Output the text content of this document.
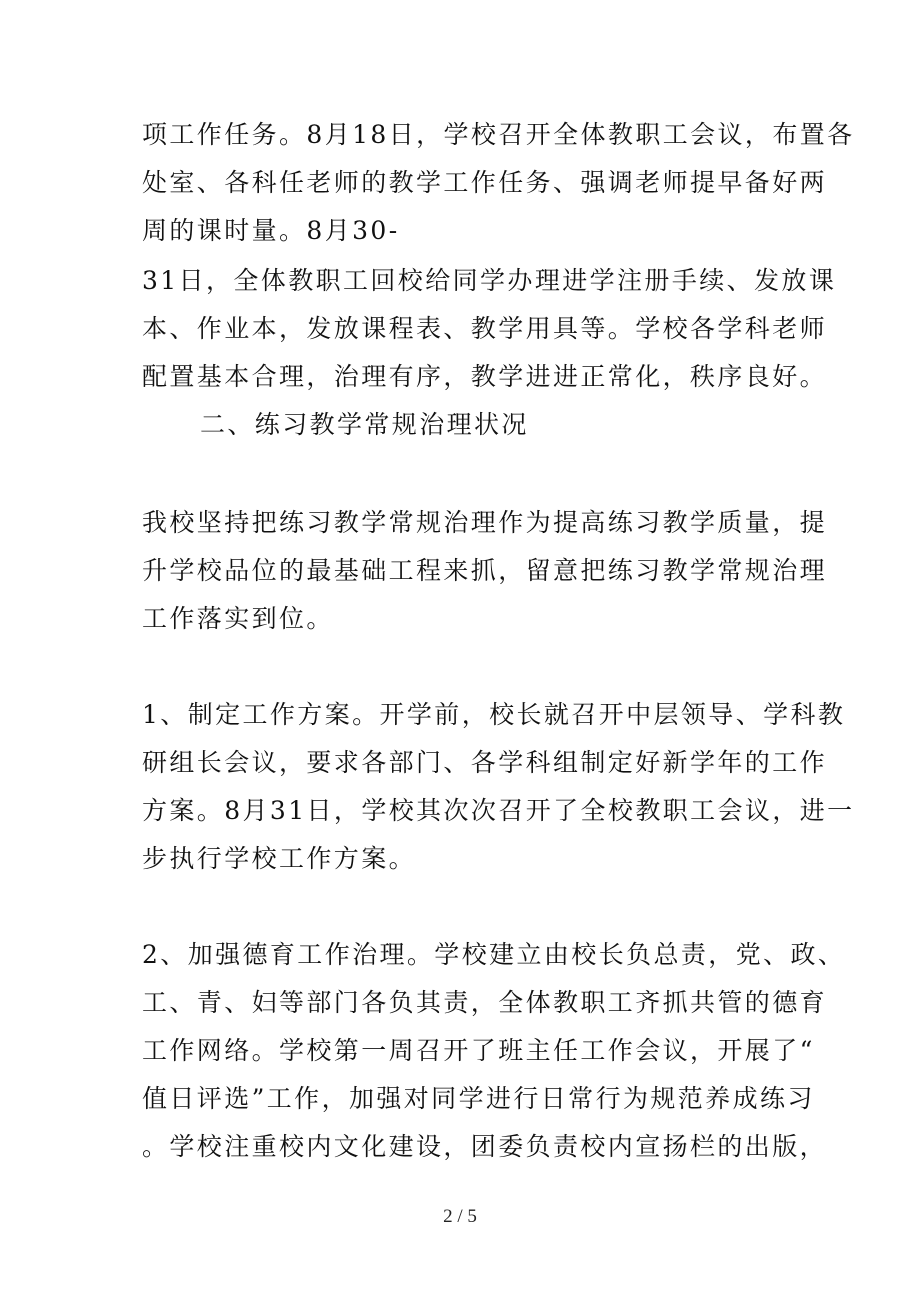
项工作任务。8月18日，学校召开全体教职工会议，布置各
处室、各科任老师的教学工作任务、强调老师提早备好两
周的课时量。8月30-
31日，全体教职工回校给同学办理进学注册手续、发放课
本、作业本，发放课程表、教学用具等。学校各学科老师
配置基本合理，治理有序，教学进进正常化，秩序良好。
二、练习教学常规治理状况
我校坚持把练习教学常规治理作为提高练习教学质量，提
升学校品位的最基础工程来抓，留意把练习教学常规治理
工作落实到位。
1、制定工作方案。开学前，校长就召开中层领导、学科教
研组长会议，要求各部门、各学科组制定好新学年的工作
方案。8月31日，学校其次次召开了全校教职工会议，进一
步执行学校工作方案。
2、加强德育工作治理。学校建立由校长负总责，党、政、
工、青、妇等部门各负其责，全体教职工齐抓共管的德育
工作网络。学校第一周召开了班主任工作会议，开展了“
值日评选”工作，加强对同学进行日常行为规范养成练习
。学校注重校内文化建设，团委负责校内宣扬栏的出版，
2 / 5
